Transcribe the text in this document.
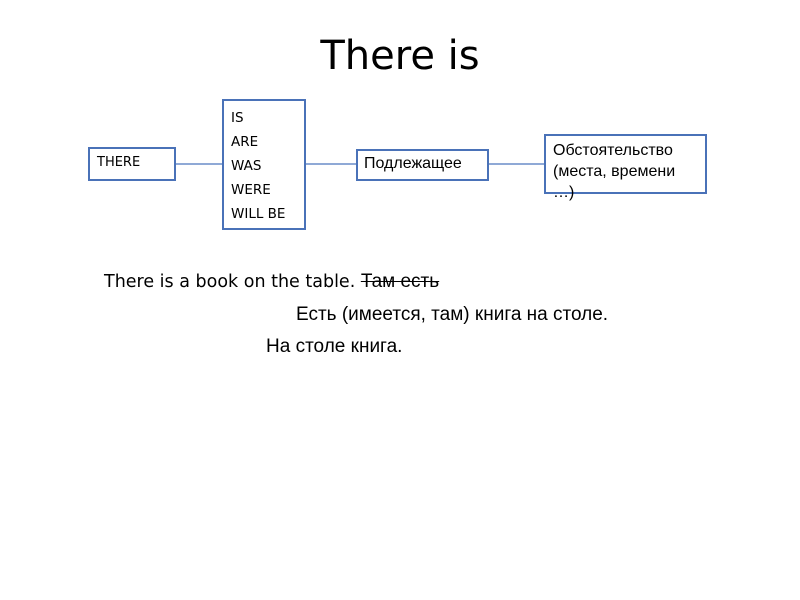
There is
THERE
IS
ARE
WAS
WERE
WILL BE
Подлежащее
Обстоятельство (места, времени …)
There is a book on the table. Там есть
Есть (имеется, там) книга на столе.
На столе книга.
